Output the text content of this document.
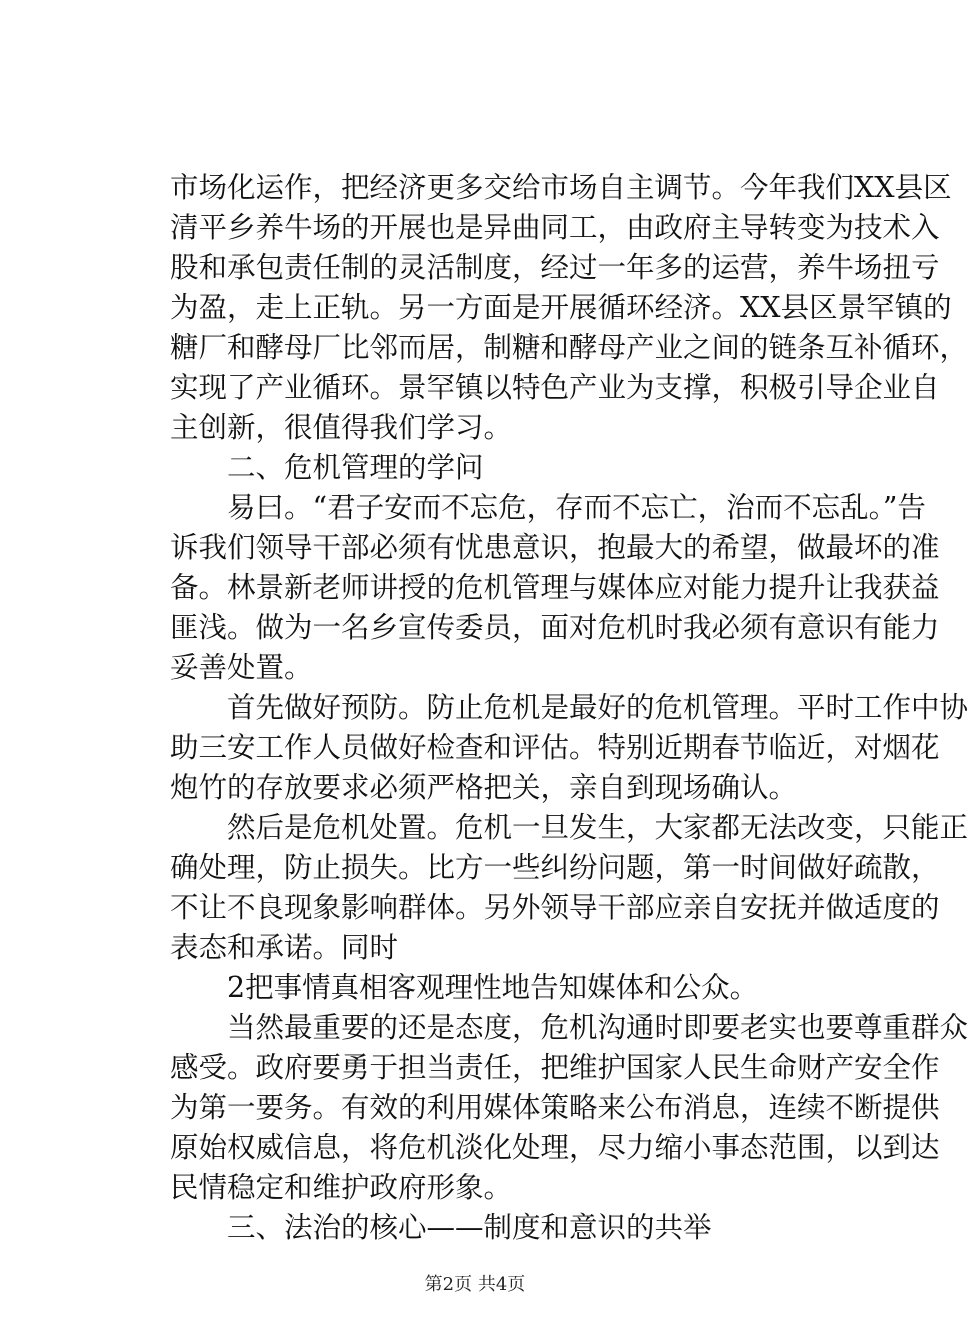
市场化运作，把经济更多交给市场自主调节。今年我们XX县区
清平乡养牛场的开展也是异曲同工，由政府主导转变为技术入
股和承包责任制的灵活制度，经过一年多的运营，养牛场扭亏
为盈，走上正轨。另一方面是开展循环经济。XX县区景罕镇的
糖厂和酵母厂比邻而居，制糖和酵母产业之间的链条互补循环，
实现了产业循环。景罕镇以特色产业为支撑，积极引导企业自
主创新，很值得我们学习。
二、危机管理的学问
易曰。“君子安而不忘危，存而不忘亡，治而不忘乱。”告
诉我们领导干部必须有忧患意识，抱最大的希望，做最坏的准
备。林景新老师讲授的危机管理与媒体应对能力提升让我获益
匪浅。做为一名乡宣传委员，面对危机时我必须有意识有能力
妥善处置。
首先做好预防。防止危机是最好的危机管理。平时工作中协
助三安工作人员做好检查和评估。特别近期春节临近，对烟花
炮竹的存放要求必须严格把关，亲自到现场确认。
然后是危机处置。危机一旦发生，大家都无法改变，只能正
确处理，防止损失。比方一些纠纷问题，第一时间做好疏散，
不让不良现象影响群体。另外领导干部应亲自安抚并做适度的
表态和承诺。同时
2把事情真相客观理性地告知媒体和公众。
当然最重要的还是态度，危机沟通时即要老实也要尊重群众
感受。政府要勇于担当责任，把维护国家人民生命财产安全作
为第一要务。有效的利用媒体策略来公布消息，连续不断提供
原始权威信息，将危机淡化处理，尽力缩小事态范围，以到达
民情稳定和维护政府形象。
三、法治的核心——制度和意识的共举
第2页 共4页
